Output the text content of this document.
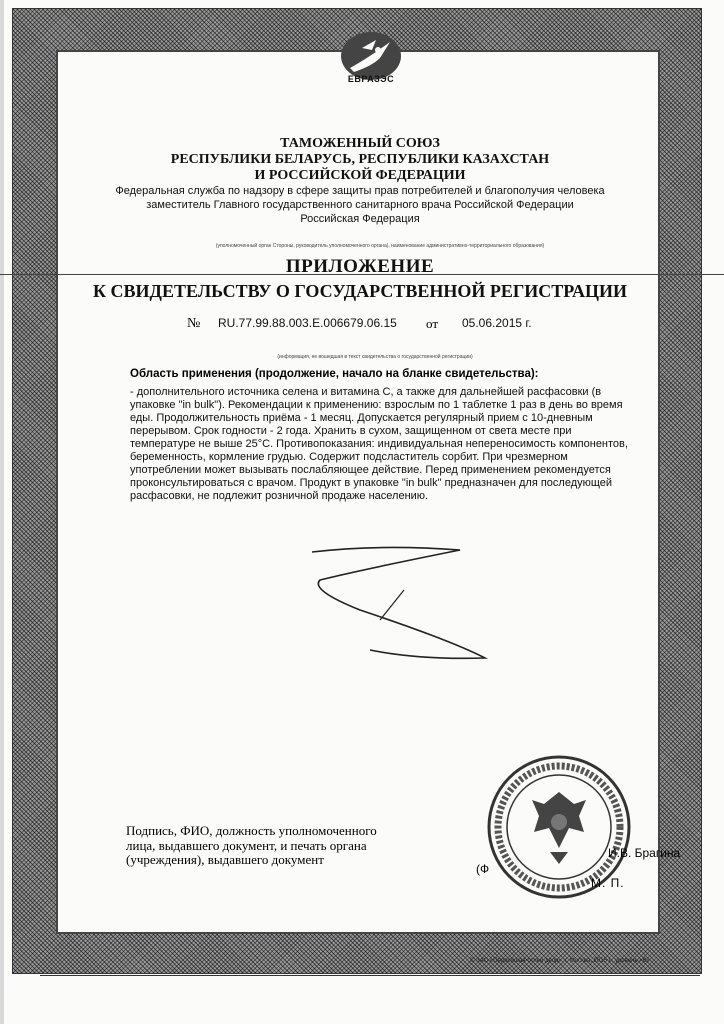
ЕВРАЗЭС
ТАМОЖЕННЫЙ СОЮЗ
РЕСПУБЛИКИ БЕЛАРУСЬ, РЕСПУБЛИКИ КАЗАХСТАН
И РОССИЙСКОЙ ФЕДЕРАЦИИ
Федеральная служба по надзору в сфере защиты прав потребителей и благополучия человека
заместитель Главного государственного санитарного врача Российской Федерации
Российская Федерация
(уполномоченный орган Стороны, руководитель уполномоченного органа), наименование административно-территориального образования)
ПРИЛОЖЕНИЕ
К СВИДЕТЕЛЬСТВУ О ГОСУДАРСТВЕННОЙ РЕГИСТРАЦИИ
№ RU.77.99.88.003.E.006679.06.15 от 05.06.2015 г.
(информация, не вошедшая в текст свидетельства о государственной регистрации)
Область применения (продолжение, начало на бланке свидетельства):
- дополнительного источника селена и витамина С, а также для дальнейшей расфасовки (в
упаковке "in bulk"). Рекомендации к применению: взрослым по 1 таблетке 1 раз в день во время
еды. Продолжительность приёма - 1 месяц. Допускается регулярный прием с 10-дневным
перерывом. Срок годности - 2 года. Хранить в сухом, защищенном от света месте при
температуре не выше 25°С. Противопоказания: индивидуальная непереносимость компонентов,
беременность, кормление грудью. Содержит подсластитель сорбит. При чрезмерном
употреблении может вызывать послабляющее действие. Перед применением рекомендуется
проконсультироваться с врачом. Продукт в упаковке "in bulk" предназначен для последующей
расфасовки, не подлежит розничной продаже населению.
Подпись, ФИО, должность уполномоченного
лица, выдавшего документ, и печать органа
(учреждения), выдавшего документ
(Ф
И.В. Брагина
М. П.
© ЗАО «Первейшая-отпей двор», г. Москва, 2015 г., уровень «В»
